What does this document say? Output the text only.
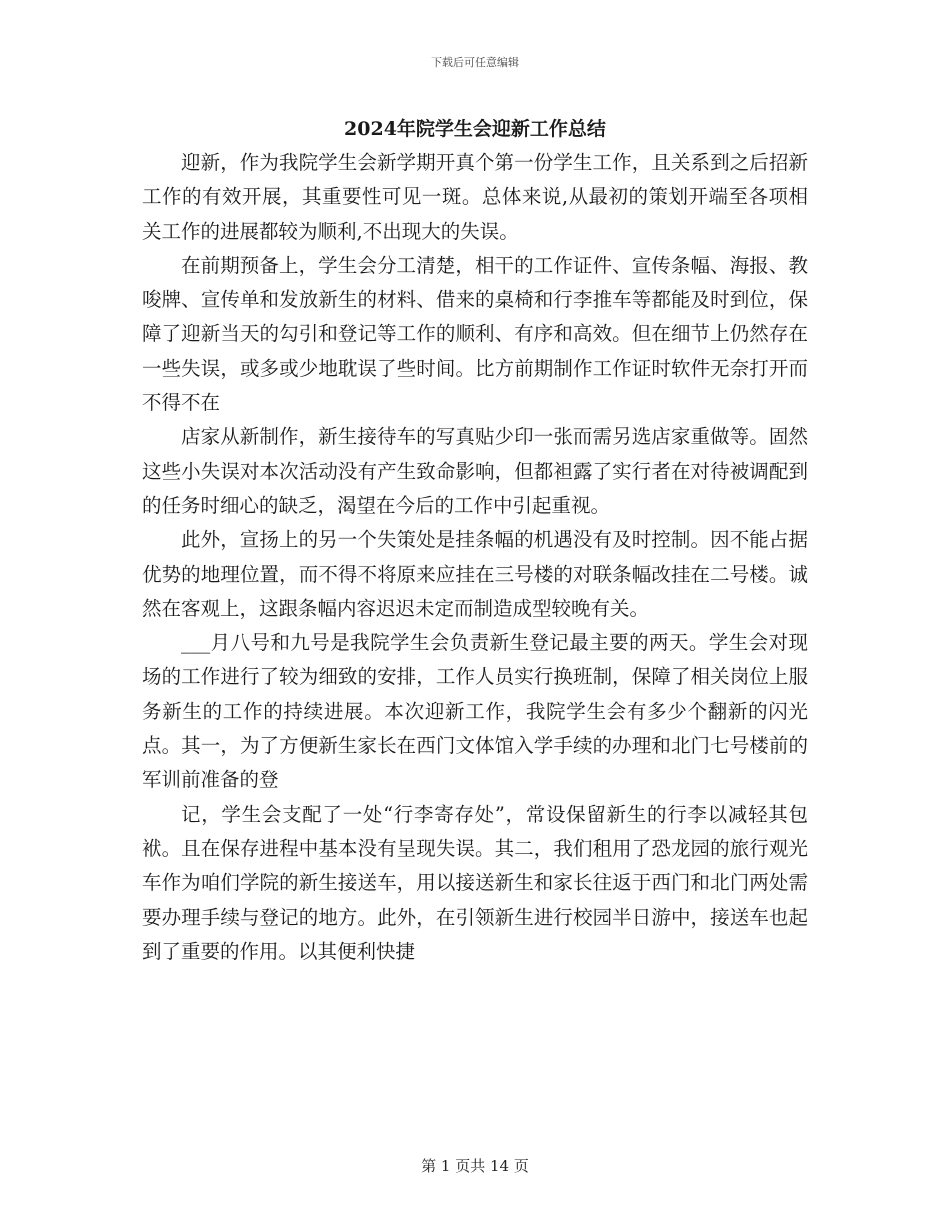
下载后可任意编辑
2024年院学生会迎新工作总结

迎新，作为我院学生会新学期开真个第一份学生工作，且关系到之后招新工作的有效开展，其重要性可见一斑。总体来说,从最初的策划开端至各项相关工作的进展都较为顺利,不出现大的失误。

在前期预备上，学生会分工清楚，相干的工作证件、宣传条幅、海报、教唆牌、宣传单和发放新生的材料、借来的桌椅和行李推车等都能及时到位，保障了迎新当天的勾引和登记等工作的顺利、有序和高效。但在细节上仍然存在一些失误，或多或少地耽误了些时间。比方前期制作工作证时软件无奈打开而不得不在

店家从新制作，新生接待车的写真贴少印一张而需另选店家重做等。固然这些小失误对本次活动没有产生致命影响，但都袒露了实行者在对待被调配到的任务时细心的缺乏，渴望在今后的工作中引起重视。

此外，宣扬上的另一个失策处是挂条幅的机遇没有及时控制。因不能占据优势的地理位置，而不得不将原来应挂在三号楼的对联条幅改挂在二号楼。诚然在客观上，这跟条幅内容迟迟未定而制造成型较晚有关。

___月八号和九号是我院学生会负责新生登记最主要的两天。学生会对现场的工作进行了较为细致的安排，工作人员实行换班制，保障了相关岗位上服务新生的工作的持续进展。本次迎新工作，我院学生会有多少个翻新的闪光点。其一，为了方便新生家长在西门文体馆入学手续的办理和北门七号楼前的军训前准备的登

记，学生会支配了一处“行李寄存处”，常设保留新生的行李以减轻其包袱。且在保存进程中基本没有呈现失误。其二，我们租用了恐龙园的旅行观光车作为咱们学院的新生接送车，用以接送新生和家长往返于西门和北门两处需要办理手续与登记的地方。此外，在引领新生进行校园半日游中，接送车也起到了重要的作用。以其便利快捷

第 1 页共 14 页
